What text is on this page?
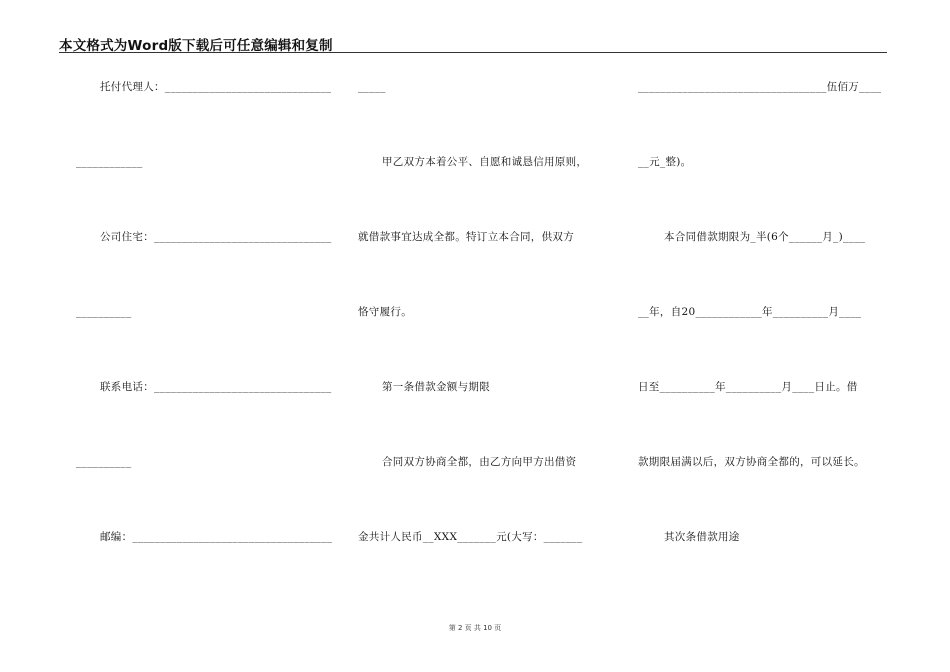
本文格式为Word版下载后可任意编辑和复制
托付代理人：______________________________
____________
公司住宅：________________________________
__________
联系电话：________________________________
__________
邮编：____________________________________
_____
甲乙双方本着公平、自愿和诚恳信用原则，
就借款事宜达成全都。特订立本合同，供双方
恪守履行。
第一条借款金额与期限
合同双方协商全都，由乙方向甲方出借资
金共计人民币__XXX_______元(大写：_______
__________________________________伍佰万____
__元_整)。
本合同借款期限为_半(6个______月_)____
__年，自20____________年__________月____
日至__________年__________月____日止。借
款期限届满以后，双方协商全都的，可以延长。
其次条借款用途
第 2 页 共 10 页
